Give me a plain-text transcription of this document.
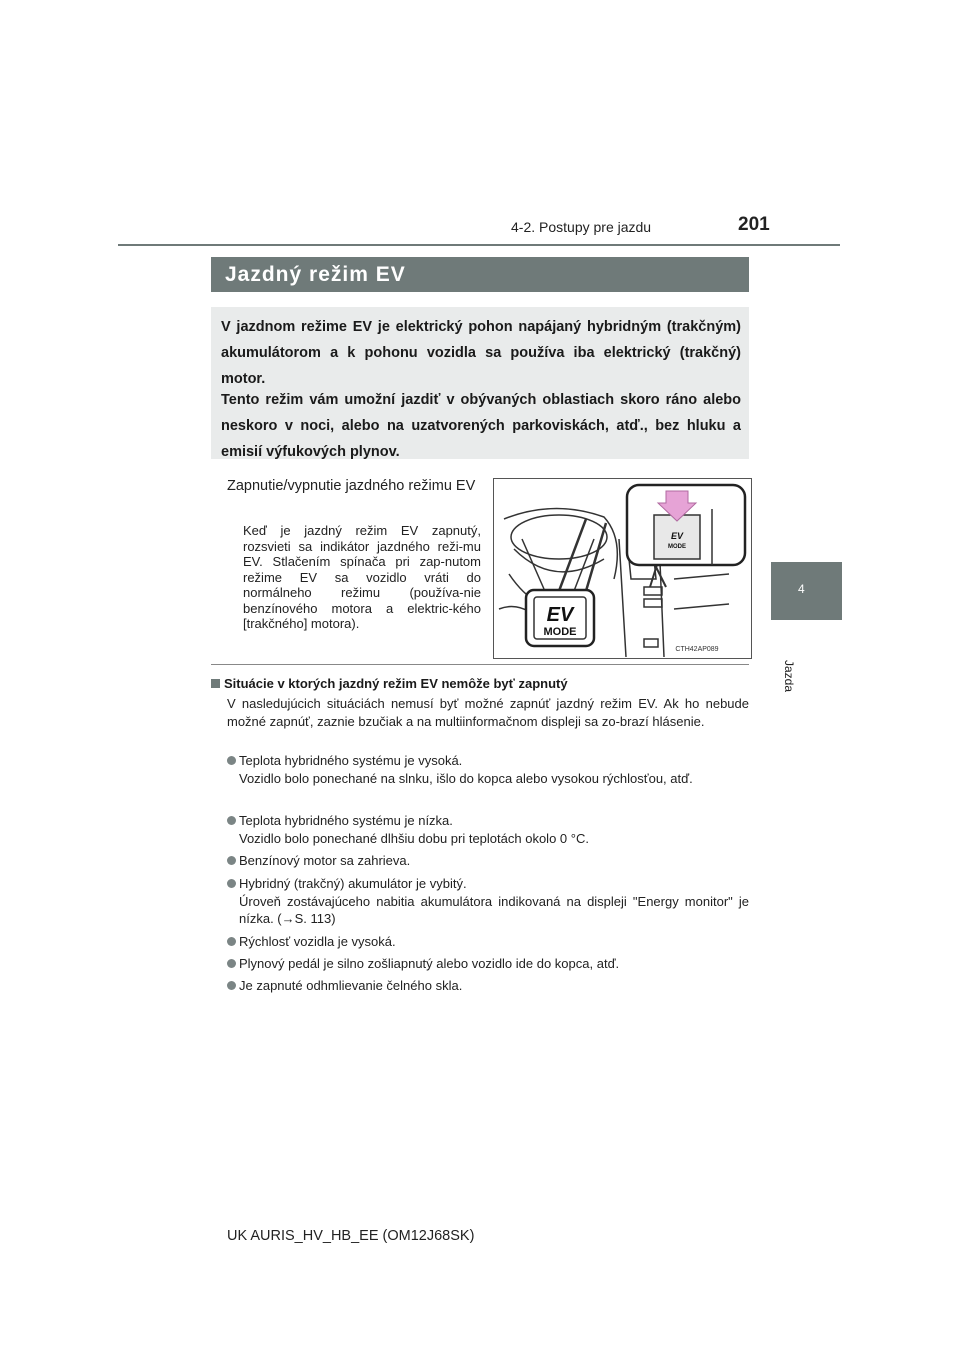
4-2. Postupy pre jazdu	201
4
Jazda
Jazdný režim EV
V jazdnom režime EV je elektrický pohon napájaný hybridným (trakčným) akumulátorom a k pohonu vozidla sa používa iba elektrický (trakčný) motor.
Tento režim vám umožní jazdiť v obývaných oblastiach skoro ráno alebo neskoro v noci, alebo na uzatvorených parkoviskách, atď., bez hluku a emisií výfukových plynov.
Zapnutie/vypnutie jazdného režimu EV
Keď je jazdný režim EV zapnutý, rozsvieti sa indikátor jazdného reži-mu EV. Stlačením spínača pri zap-nutom režime EV sa vozidlo vráti do normálneho režimu (používa-nie benzínového motora a elektric-kého [trakčného] motora).
EV
MODE
EV
MODE
CTH42AP089
Situácie v ktorých jazdný režim EV nemôže byť zapnutý
V nasledujúcich situáciách nemusí byť možné zapnúť jazdný režim EV. Ak ho nebude možné zapnúť, zaznie bzučiak a na multiinformačnom displeji sa zo-brazí hlásenie.
Teplota hybridného systému je vysoká.
Vozidlo bolo ponechané na slnku, išlo do kopca alebo vysokou rýchlosťou, atď.
Teplota hybridného systému je nízka.
Vozidlo bolo ponechané dlhšiu dobu pri teplotách okolo 0 °C.
Benzínový motor sa zahrieva.
Hybridný (trakčný) akumulátor je vybitý.
Úroveň zostávajúceho nabitia akumulátora indikovaná na displeji "Energy monitor" je nízka. (→S. 113)
Rýchlosť vozidla je vysoká.
Plynový pedál je silno zošliapnutý alebo vozidlo ide do kopca, atď.
Je zapnuté odhmlievanie čelného skla.
UK AURIS_HV_HB_EE (OM12J68SK)
